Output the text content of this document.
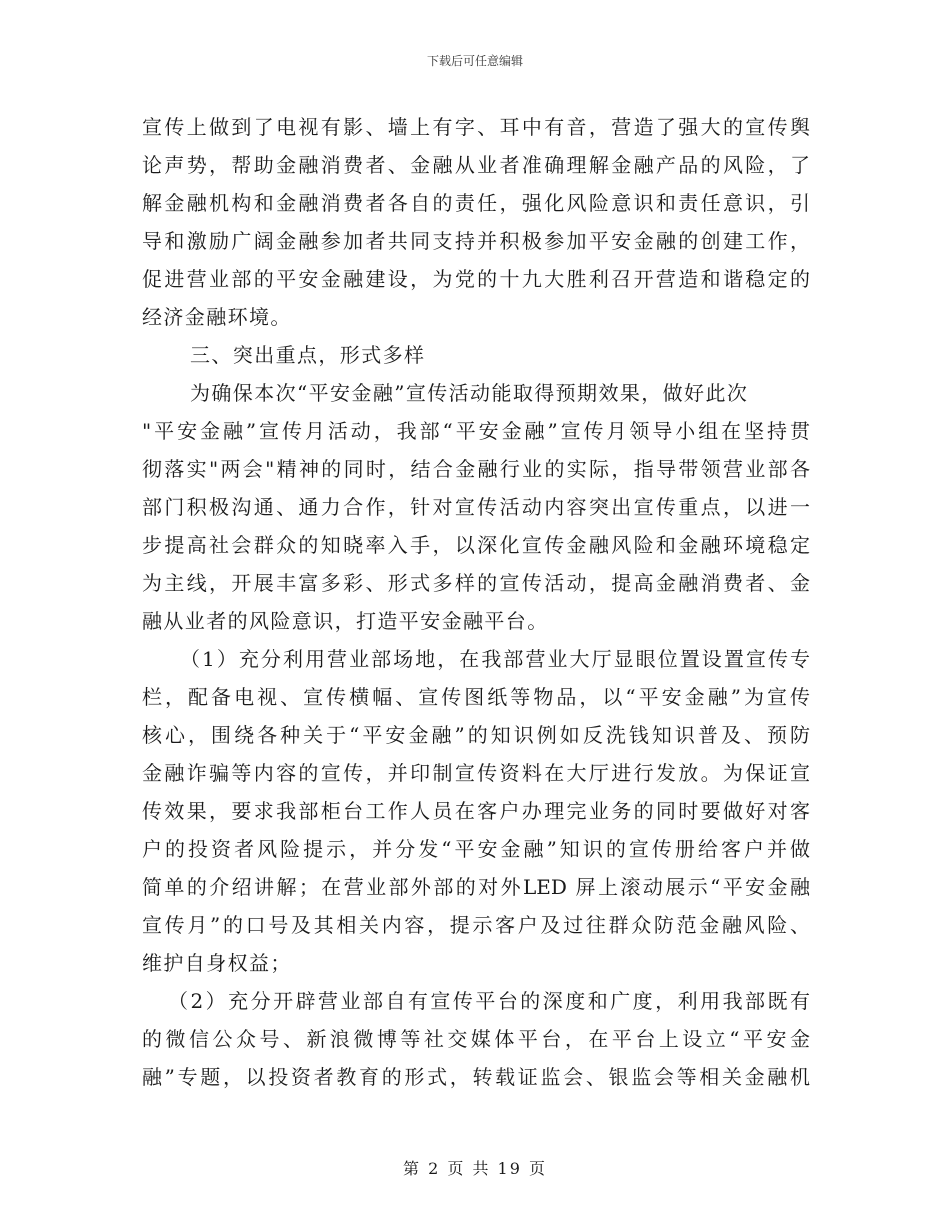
下载后可任意编辑
宣传上做到了电视有影、墙上有字、耳中有音，营造了强大的宣传舆
论声势，帮助金融消费者、金融从业者准确理解金融产品的风险，了
解金融机构和金融消费者各自的责任，强化风险意识和责任意识，引
导和激励广阔金融参加者共同支持并积极参加平安金融的创建工作，
促进营业部的平安金融建设，为党的十九大胜利召开营造和谐稳定的
经济金融环境。
三、突出重点，形式多样
为确保本次“平安金融”宣传活动能取得预期效果，做好此次
"平安金融”宣传月活动，我部“平安金融”宣传月领导小组在坚持贯
彻落实"两会"精神的同时，结合金融行业的实际，指导带领营业部各
部门积极沟通、通力合作，针对宣传活动内容突出宣传重点，以进一
步提高社会群众的知晓率入手，以深化宣传金融风险和金融环境稳定
为主线，开展丰富多彩、形式多样的宣传活动，提高金融消费者、金
融从业者的风险意识，打造平安金融平台。
（1）充分利用营业部场地，在我部营业大厅显眼位置设置宣传专
栏，配备电视、宣传横幅、宣传图纸等物品，以“平安金融”为宣传
核心，围绕各种关于“平安金融”的知识例如反洗钱知识普及、预防
金融诈骗等内容的宣传，并印制宣传资料在大厅进行发放。为保证宣
传效果，要求我部柜台工作人员在客户办理完业务的同时要做好对客
户的投资者风险提示，并分发“平安金融”知识的宣传册给客户并做
简单的介绍讲解；在营业部外部的对外LED 屏上滚动展示“平安金融
宣传月”的口号及其相关内容，提示客户及过往群众防范金融风险、
维护自身权益；
（2）充分开辟营业部自有宣传平台的深度和广度，利用我部既有
的微信公众号、新浪微博等社交媒体平台，在平台上设立“平安金
融”专题，以投资者教育的形式，转载证监会、银监会等相关金融机
第 2 页 共 19 页
